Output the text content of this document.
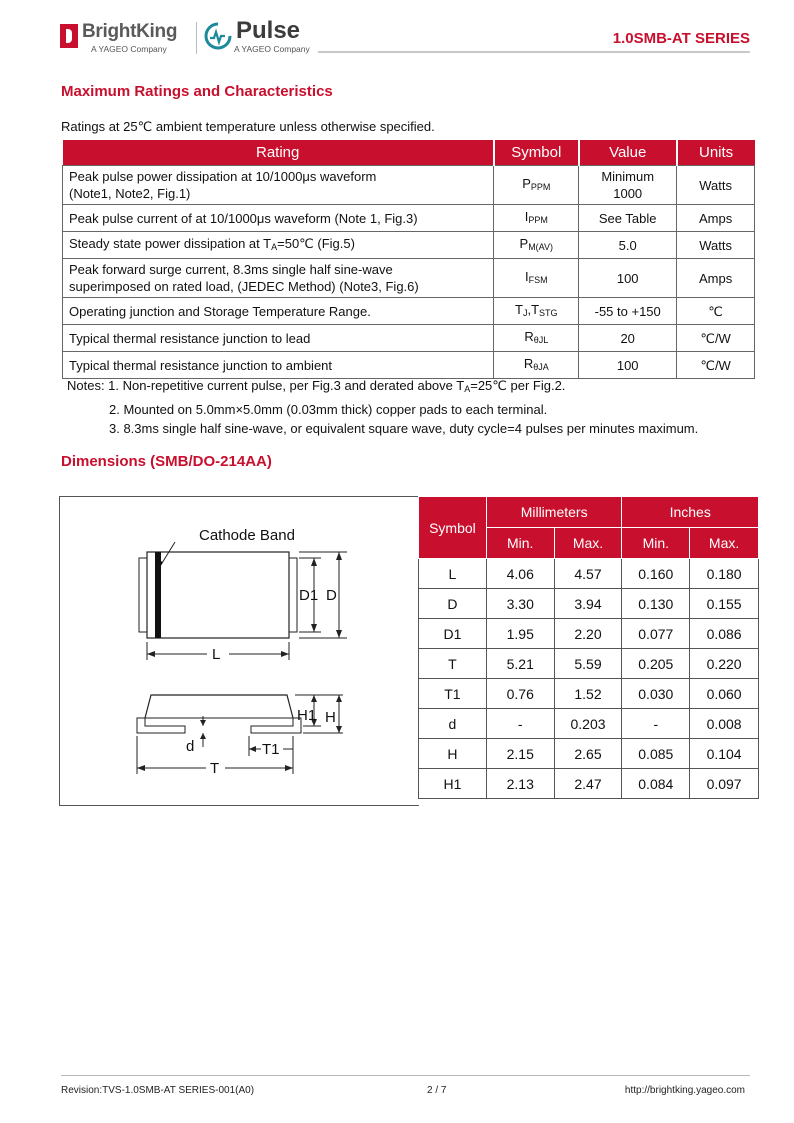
BrightKing
A YAGEO Company
Pulse
A YAGEO Company
1.0SMB-AT SERIES
Maximum Ratings and Characteristics
Ratings at 25℃ ambient temperature unless otherwise specified.
Rating	Symbol	Value	Units
Peak pulse power dissipation at 10/1000μs waveform
(Note1, Note2, Fig.1)	$P_{PPM}$	Minimum 1000	Watts
Peak pulse current of at 10/1000μs waveform (Note 1, Fig.3)	$I_{PPM}$	See Table	Amps
Steady state power dissipation at $T_A=50℃$ (Fig.5)	$P_{M(AV)}$	5.0	Watts
Peak forward surge current, 8.3ms single half sine-wave
superimposed on rated load, (JEDEC Method) (Note3, Fig.6)	$I_{FSM}$	100	Amps
Operating junction and Storage Temperature Range.	$T_J,T_{STG}$	-55 to +150	℃
Typical thermal resistance junction to lead	$R_{\theta JL}$	20	℃/W
Typical thermal resistance junction to ambient	$R_{\theta JA}$	100	℃/W
Notes: 1. Non-repetitive current pulse, per Fig.3 and derated above $T_A=25℃$ per Fig.2.
2. Mounted on 5.0mm×5.0mm (0.03mm thick) copper pads to each terminal.
3. 8.3ms single half sine-wave, or equivalent square wave, duty cycle=4 pulses per minutes maximum.
Dimensions (SMB/DO-214AA)
Cathode Band
D1 D
L
H1 H
d	T1
T
Symbol	Millimeters		Inches	
	Min.	Max.	Min.	Max.
L	4.06	4.57	0.160	0.180
D	3.30	3.94	0.130	0.155
D1	1.95	2.20	0.077	0.086
T	5.21	5.59	0.205	0.220
T1	0.76	1.52	0.030	0.060
d	-	0.203	-	0.008
H	2.15	2.65	0.085	0.104
H1	2.13	2.47	0.084	0.097
Revision:TVS-1.0SMB-AT SERIES-001(A0)	2 / 7	http://brightking.yageo.com
